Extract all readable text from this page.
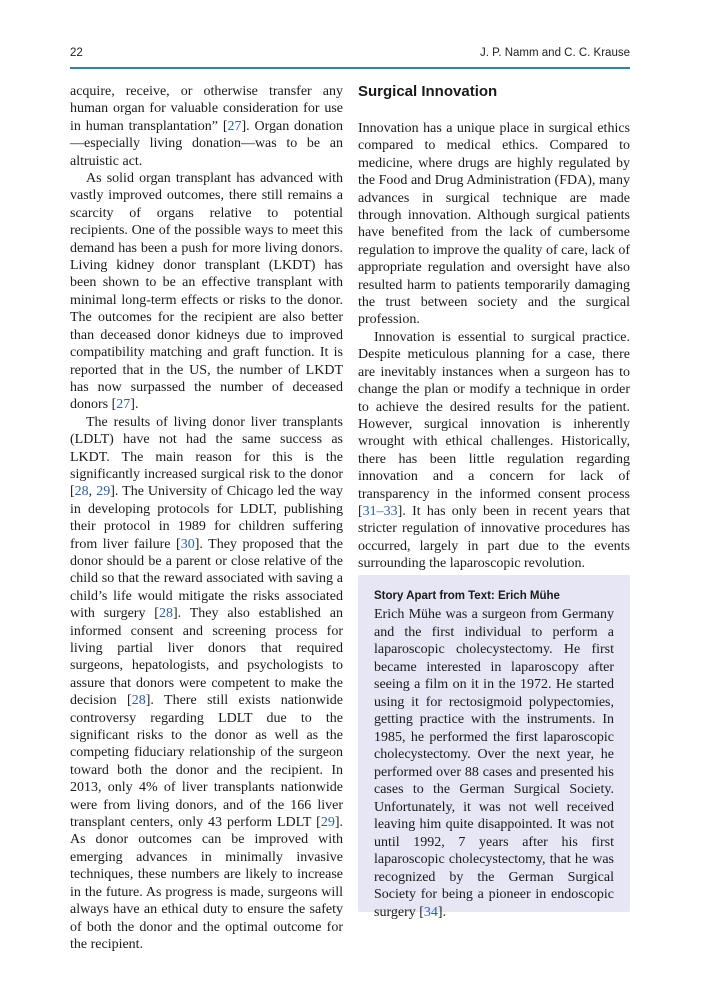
22	J. P. Namm and C. C. Krause

acquire, receive, or otherwise transfer any human organ for valuable consideration for use in human transplantation” [27]. Organ donation—especially living donation—was to be an altruistic act.

As solid organ transplant has advanced with vastly improved outcomes, there still remains a scarcity of organs relative to potential recipients. One of the possible ways to meet this demand has been a push for more living donors. Living kidney donor transplant (LKDT) has been shown to be an effective transplant with minimal long-term effects or risks to the donor. The outcomes for the recipient are also better than deceased donor kidneys due to improved compatibility matching and graft function. It is reported that in the US, the number of LKDT has now surpassed the number of deceased donors [27].

The results of living donor liver transplants (LDLT) have not had the same success as LKDT. The main reason for this is the significantly increased surgical risk to the donor [28, 29]. The University of Chicago led the way in developing protocols for LDLT, publishing their protocol in 1989 for children suffering from liver failure [30]. They proposed that the donor should be a parent or close relative of the child so that the reward associated with saving a child’s life would mitigate the risks associated with surgery [28]. They also established an informed consent and screening process for living partial liver donors that required surgeons, hepatologists, and psychologists to assure that donors were competent to make the decision [28]. There still exists nationwide controversy regarding LDLT due to the significant risks to the donor as well as the competing fiduciary relationship of the surgeon toward both the donor and the recipient. In 2013, only 4% of liver transplants nationwide were from living donors, and of the 166 liver transplant centers, only 43 perform LDLT [29]. As donor outcomes can be improved with emerging advances in minimally invasive techniques, these numbers are likely to increase in the future. As progress is made, surgeons will always have an ethical duty to ensure the safety of both the donor and the optimal outcome for the recipient.

Surgical Innovation

Innovation has a unique place in surgical ethics compared to medical ethics. Compared to medicine, where drugs are highly regulated by the Food and Drug Administration (FDA), many advances in surgical technique are made through innovation. Although surgical patients have benefited from the lack of cumbersome regulation to improve the quality of care, lack of appropriate regulation and oversight have also resulted harm to patients temporarily damaging the trust between society and the surgical profession.

Innovation is essential to surgical practice. Despite meticulous planning for a case, there are inevitably instances when a surgeon has to change the plan or modify a technique in order to achieve the desired results for the patient. However, surgical innovation is inherently wrought with ethical challenges. Historically, there has been little regulation regarding innovation and a concern for lack of transparency in the informed consent process [31–33]. It has only been in recent years that stricter regulation of innovative procedures has occurred, largely in part due to the events surrounding the laparoscopic revolution.

Story Apart from Text: Erich Mühe

Erich Mühe was a surgeon from Germany and the first individual to perform a laparoscopic cholecystectomy. He first became interested in laparoscopy after seeing a film on it in the 1972. He started using it for rectosigmoid polypectomies, getting practice with the instruments. In 1985, he performed the first laparoscopic cholecystectomy. Over the next year, he performed over 88 cases and presented his cases to the German Surgical Society. Unfortunately, it was not well received leaving him quite disappointed. It was not until 1992, 7 years after his first laparoscopic cholecystectomy, that he was recognized by the German Surgical Society for being a pioneer in endoscopic surgery [34].
